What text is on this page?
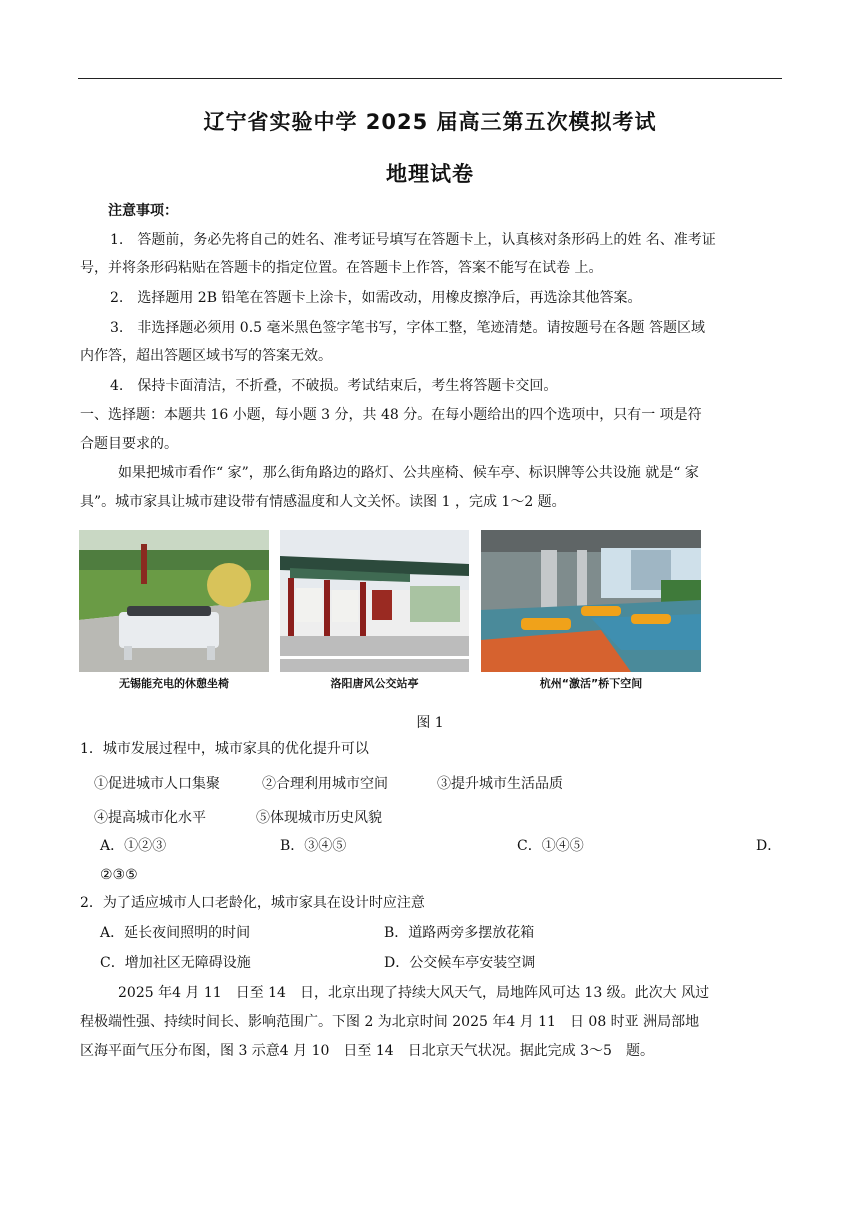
辽宁省实验中学 2025 届高三第五次模拟考试
地理试卷
注意事项：
1.　答题前，务必先将自己的姓名、准考证号填写在答题卡上，认真核对条形码上的姓 名、准考证
号，并将条形码粘贴在答题卡的指定位置。在答题卡上作答，答案不能写在试卷 上。
2.　选择题用 2B 铅笔在答题卡上涂卡，如需改动，用橡皮擦净后，再选涂其他答案。
3.　非选择题必须用 0.5 毫米黑色签字笔书写，字体工整，笔迹清楚。请按题号在各题 答题区域
内作答，超出答题区域书写的答案无效。
4.　保持卡面清洁，不折叠，不破损。考试结束后，考生将答题卡交回。
一、选择题：本题共 16 小题，每小题 3 分，共 48 分。在每小题给出的四个选项中，只有一 项是符
合题目要求的。
如果把城市看作“ 家”，那么街角路边的路灯、公共座椅、候车亭、标识牌等公共设施 就是“ 家
具”。城市家具让城市建设带有情感温度和人文关怀。读图 1 ，完成 1～2 题。
无锡能充电的休憩坐椅	洛阳唐风公交站亭	杭州“激活”桥下空间
图 1
1．城市发展过程中，城市家具的优化提升可以
①促进城市人口集聚	②合理利用城市空间	③提升城市生活品质
④提高城市化水平	⑤体现城市历史风貌
A．①②③	B．③④⑤	C．①④⑤	D．
②③⑤
2．为了适应城市人口老龄化，城市家具在设计时应注意
A．延长夜间照明的时间	B．道路两旁多摆放花箱
C．增加社区无障碍设施	D．公交候车亭安装空调
2025 年4 月 11　日至 14　日，北京出现了持续大风天气，局地阵风可达 13 级。此次大 风过
程极端性强、持续时间长、影响范围广。下图 2 为北京时间 2025 年4 月 11　日 08 时亚 洲局部地
区海平面气压分布图，图 3 示意4 月 10　日至 14　日北京天气状况。据此完成 3～5　题。
